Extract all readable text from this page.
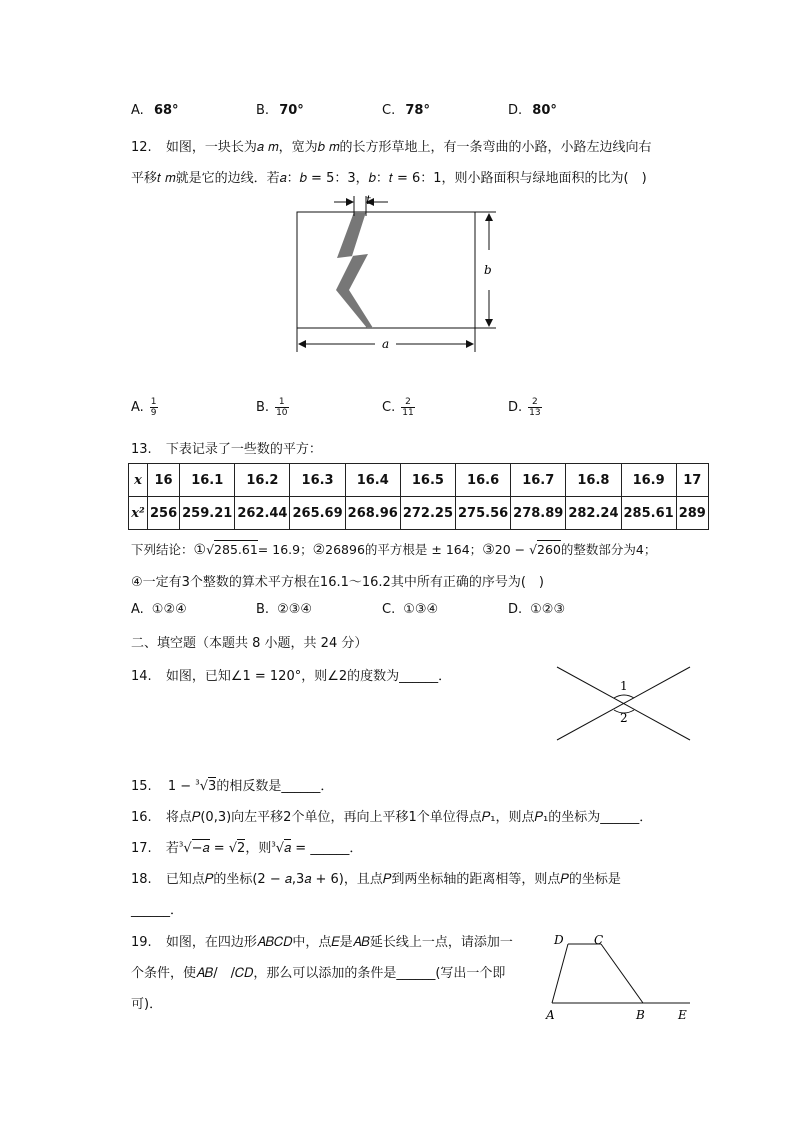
A. 68°	B. 70°	C. 78°	D. 80°
12. 如图，一块长为𝑎 𝑚，宽为𝑏 𝑚的长方形草地上，有一条弯曲的小路，小路左边线向右
平移𝑡 𝑚就是它的边线．若𝑎：𝑏 = 5：3，𝑏：𝑡 = 6：1，则小路面积与绿地面积的比为(　)
t
b
a
A. $\frac{1}{9}$	B. $\frac{1}{10}$	C. $\frac{2}{11}$	D. $\frac{2}{13}$
13. 下表记录了一些数的平方：
x	16	16.1	16.2	16.3	16.4	16.5	16.6	16.7	16.8	16.9	17
x²	256	259.21	262.44	265.69	268.96	272.25	275.56	278.89	282.24	285.61	289
下列结论：①√285.61= 16.9；②26896的平方根是 ± 164；③20 − √260的整数部分为4；
④一定有3个整数的算术平方根在16.1～16.2其中所有正确的序号为(　)
A. ①②④	B. ②③④	C. ①③④	D. ①②③
二、填空题（本题共 8 小题，共 24 分）
14. 如图，已知∠1 = 120°，则∠2的度数为______．
1
2
15. 1 − $^3$√3的相反数是______．
16. 将点𝑃(0,3)向左平移2个单位，再向上平移1个单位得点𝑃₁，则点𝑃₁的坐标为______．
17. 若$^3$√−𝑎 = √2，则$^3$√𝑎 = ______．
18. 已知点𝑃的坐标(2 − 𝑎,3𝑎 + 6)，且点𝑃到两坐标轴的距离相等，则点𝑃的坐标是
______．
19. 如图，在四边形𝐴𝐵𝐶𝐷中，点𝐸是𝐴𝐵延长线上一点，请添加一
个条件，使𝐴𝐵/　/𝐶𝐷，那么可以添加的条件是______(写出一个即
可)．
D	C
A	B	E
